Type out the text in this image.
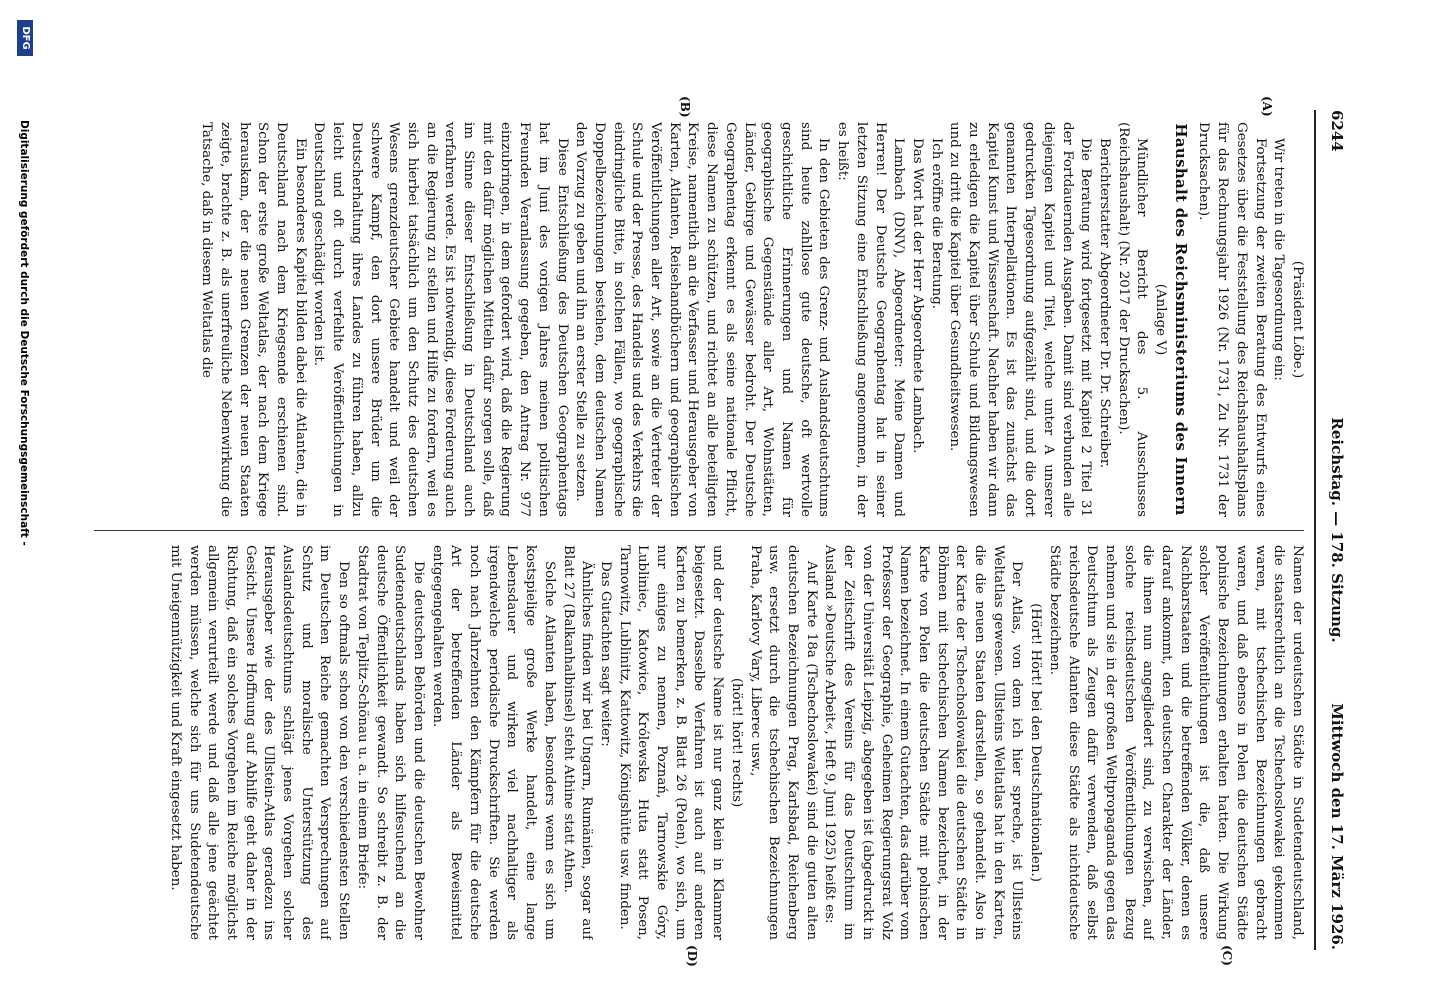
6244
Reichstag. — 178. Sitzung.
Mittwoch den 17. März 1926.
(A)
(B)
(C)
(D)

(Präsident Löbe.)

Wir treten in die Tagesordnung ein:

Fortsetzung der zweiten Beratung des Entwurfs eines Gesetzes über die Feststellung des Reichshaushaltsplans für das Rechnungsjahr 1926 (Nr. 1731, Zu Nr. 1731 der Drucksachen).

Haushalt des Reichsministeriums des Innern

(Anlage V)

Mündlicher Bericht des 5. Ausschusses (Reichshaushalt) (Nr. 2017 der Drucksachen).

Berichterstatter Abgeordneter Dr. Dr. Schreiber.

Die Beratung wird fortgesetzt mit Kapitel 2 Titel 31 der Fortdauernden Ausgaben. Damit sind verbunden alle diejenigen Kapitel und Titel, welche unter A unserer gedruckten Tagesordnung aufgezählt sind, und die dort genannten Interpellationen. Es ist das zunächst das Kapitel Kunst und Wissenschaft. Nachher haben wir dann zu erledigen die Kapitel über Schule und Bildungswesen und zu dritt die Kapitel über Gesundheitswesen.

Ich eröffne die Beratung.

Das Wort hat der Herr Abgeordnete Lambach.

Lambach (DNV), Abgeordneter: Meine Damen und Herren! Der Deutsche Geographentag hat in seiner letzten Sitzung eine Entschließung angenommen, in der es heißt:

In den Gebieten des Grenz- und Auslandsdeutschtums sind heute zahllose gute deutsche, oft wertvolle geschichtliche Erinnerungen und Namen für geographische Gegenstände aller Art, Wohnstätten, Länder, Gebirge und Gewässer bedroht. Der Deutsche Geographentag erkennt es als seine nationale Pflicht, diese Namen zu schützen, und richtet an alle beteiligten Kreise, namentlich an die Verfasser und Herausgeber von Karten, Atlanten, Reisehandbüchern und geographischen Veröffentlichungen aller Art, sowie an die Vertreter der Schule und der Presse, des Handels und des Verkehrs die eindringliche Bitte, in solchen Fällen, wo geographische Doppelbezeichnungen bestehen, dem deutschen Namen den Vorzug zu geben und ihn an erster Stelle zu setzen.

Diese Entschließung des Deutschen Geographentags hat im Juni des vorigen Jahres meinen politischen Freunden Veranlassung gegeben, den Antrag Nr. 977 einzubringen, in dem gefordert wird, daß die Regierung mit den dafür möglichen Mitteln dafür sorgen solle, daß im Sinne dieser Entschließung in Deutschland auch verfahren werde. Es ist notwendig, diese Forderung auch an die Regierung zu stellen und Hilfe zu fordern, weil es sich hierbei tatsächlich um den Schutz des deutschen Wesens grenzdeutscher Gebiete handelt und weil der schwere Kampf, den dort unsere Brüder um die Deutscherhaltung ihres Landes zu führen haben, allzu leicht und oft durch verfehlte Veröffentlichungen in Deutschland geschädigt worden ist.

Ein besonderes Kapitel bilden dabei die Atlanten, die in Deutschland nach dem Kriegsende erschienen sind. Schon der erste große Weltatlas, der nach dem Kriege herauskam, der die neuen Grenzen der neuen Staaten zeigte, brachte z. B. als unerfreuliche Nebenwirkung die Tatsache, daß in diesem Weltatlas die

Namen der urdeutschen Städte in Sudetendeutschland, die staatsrechtlich an die Tschechoslowakei gekommen waren, mit tschechischen Bezeichnungen gebracht waren, und daß ebenso in Polen die deutschen Städte polnische Bezeichnungen erhalten hatten. Die Wirkung solcher Veröffentlichungen ist die, daß unsere Nachbarstaaten und die betreffenden Völker, denen es darauf ankommt, den deutschen Charakter der Länder, die ihnen nun angegliedert sind, zu verwischen, auf solche reichsdeutschen Veröffentlichungen Bezug nehmen und sie in der großen Weltpropaganda gegen das Deutschtum als Zeugen dafür verwenden, daß selbst reichsdeutsche Atlanten diese Städte als nichtdeutsche Städte bezeichnen.

(Hört! Hört! bei den Deutschnationalen.)

Der Atlas, von dem ich hier spreche, ist Ullsteins Weltatlas gewesen. Ullsteins Weltatlas hat in den Karten, die die neuen Staaten darstellen, so gehandelt. Also in der Karte der Tschechoslowakei die deutschen Städte in Böhmen mit tschechischen Namen bezeichnet, in der Karte von Polen die deutschen Städte mit polnischen Namen bezeichnet. In einem Gutachten, das darüber vom Professor der Geographie, Geheimen Regierungsrat Volz von der Universität Leipzig, abgegeben ist (abgedruckt in der Zeitschrift des Vereins für das Deutschtum im Ausland »Deutsche Arbeit«, Heft 9, Juni 1925) heißt es:

Auf Karte 18a (Tschechoslowakei) sind die guten alten deutschen Bezeichnungen Prag, Karlsbad, Reichenberg usw. ersetzt durch die tschechischen Bezeichnungen Praha, Karlovy Vary, Liberec usw.,

(hört! hört! rechts)

und der deutsche Name ist nur ganz klein in Klammer beigesetzt. Dasselbe Verfahren ist auch auf anderen Karten zu bemerken, z. B. Blatt 26 (Polen), wo sich, um nur einiges zu nennen, Poznań, Tarnowskie Góry, Lubliniec, Katowice, Królewska Huta statt Posen, Tarnowitz, Lublinitz, Kattowitz, Königshütte usw. finden.

Das Gutachten sagt weiter:

Ähnliches finden wir bei Ungarn, Rumänien, sogar auf Blatt 27 (Balkanhalbinsel) steht Athine statt Athen.

Solche Atlanten haben, besonders wenn es sich um kostspielige große Werke handelt, eine lange Lebensdauer und wirken viel nachhaltiger als irgendwelche periodische Druckschriften. Sie werden noch nach Jahrzehnten den Kämpfern für die deutsche Art der betreffenden Länder als Beweismittel entgegengehalten werden.

Die deutschen Behörden und die deutschen Bewohner Sudetendeutschlands haben sich hilfesuchend an die deutsche Öffentlichkeit gewandt. So schreibt z. B. der Stadtrat von Teplitz-Schönau u. a. in einem Briefe:

Den so oftmals schon von den verschiedensten Stellen im Deutschen Reiche gemachten Versprechungen auf Schutz und moralische Unterstützung des Auslandsdeutschtums schlägt jenes Vorgehen solcher Herausgeber wie der des Ullstein-Atlas geradezu ins Gesicht. Unsere Hoffnung auf Abhilfe geht daher in der Richtung, daß ein solches Vorgehen im Reiche möglichst allgemein verurteilt werde und daß alle jene geächtet werden müssen, welche sich für uns Sudetendeutsche mit Uneigennützigkeit und Kraft eingesetzt haben.

DFG
Digitalisierung gefördert durch die Deutsche Forschungsgemeinschaft -
